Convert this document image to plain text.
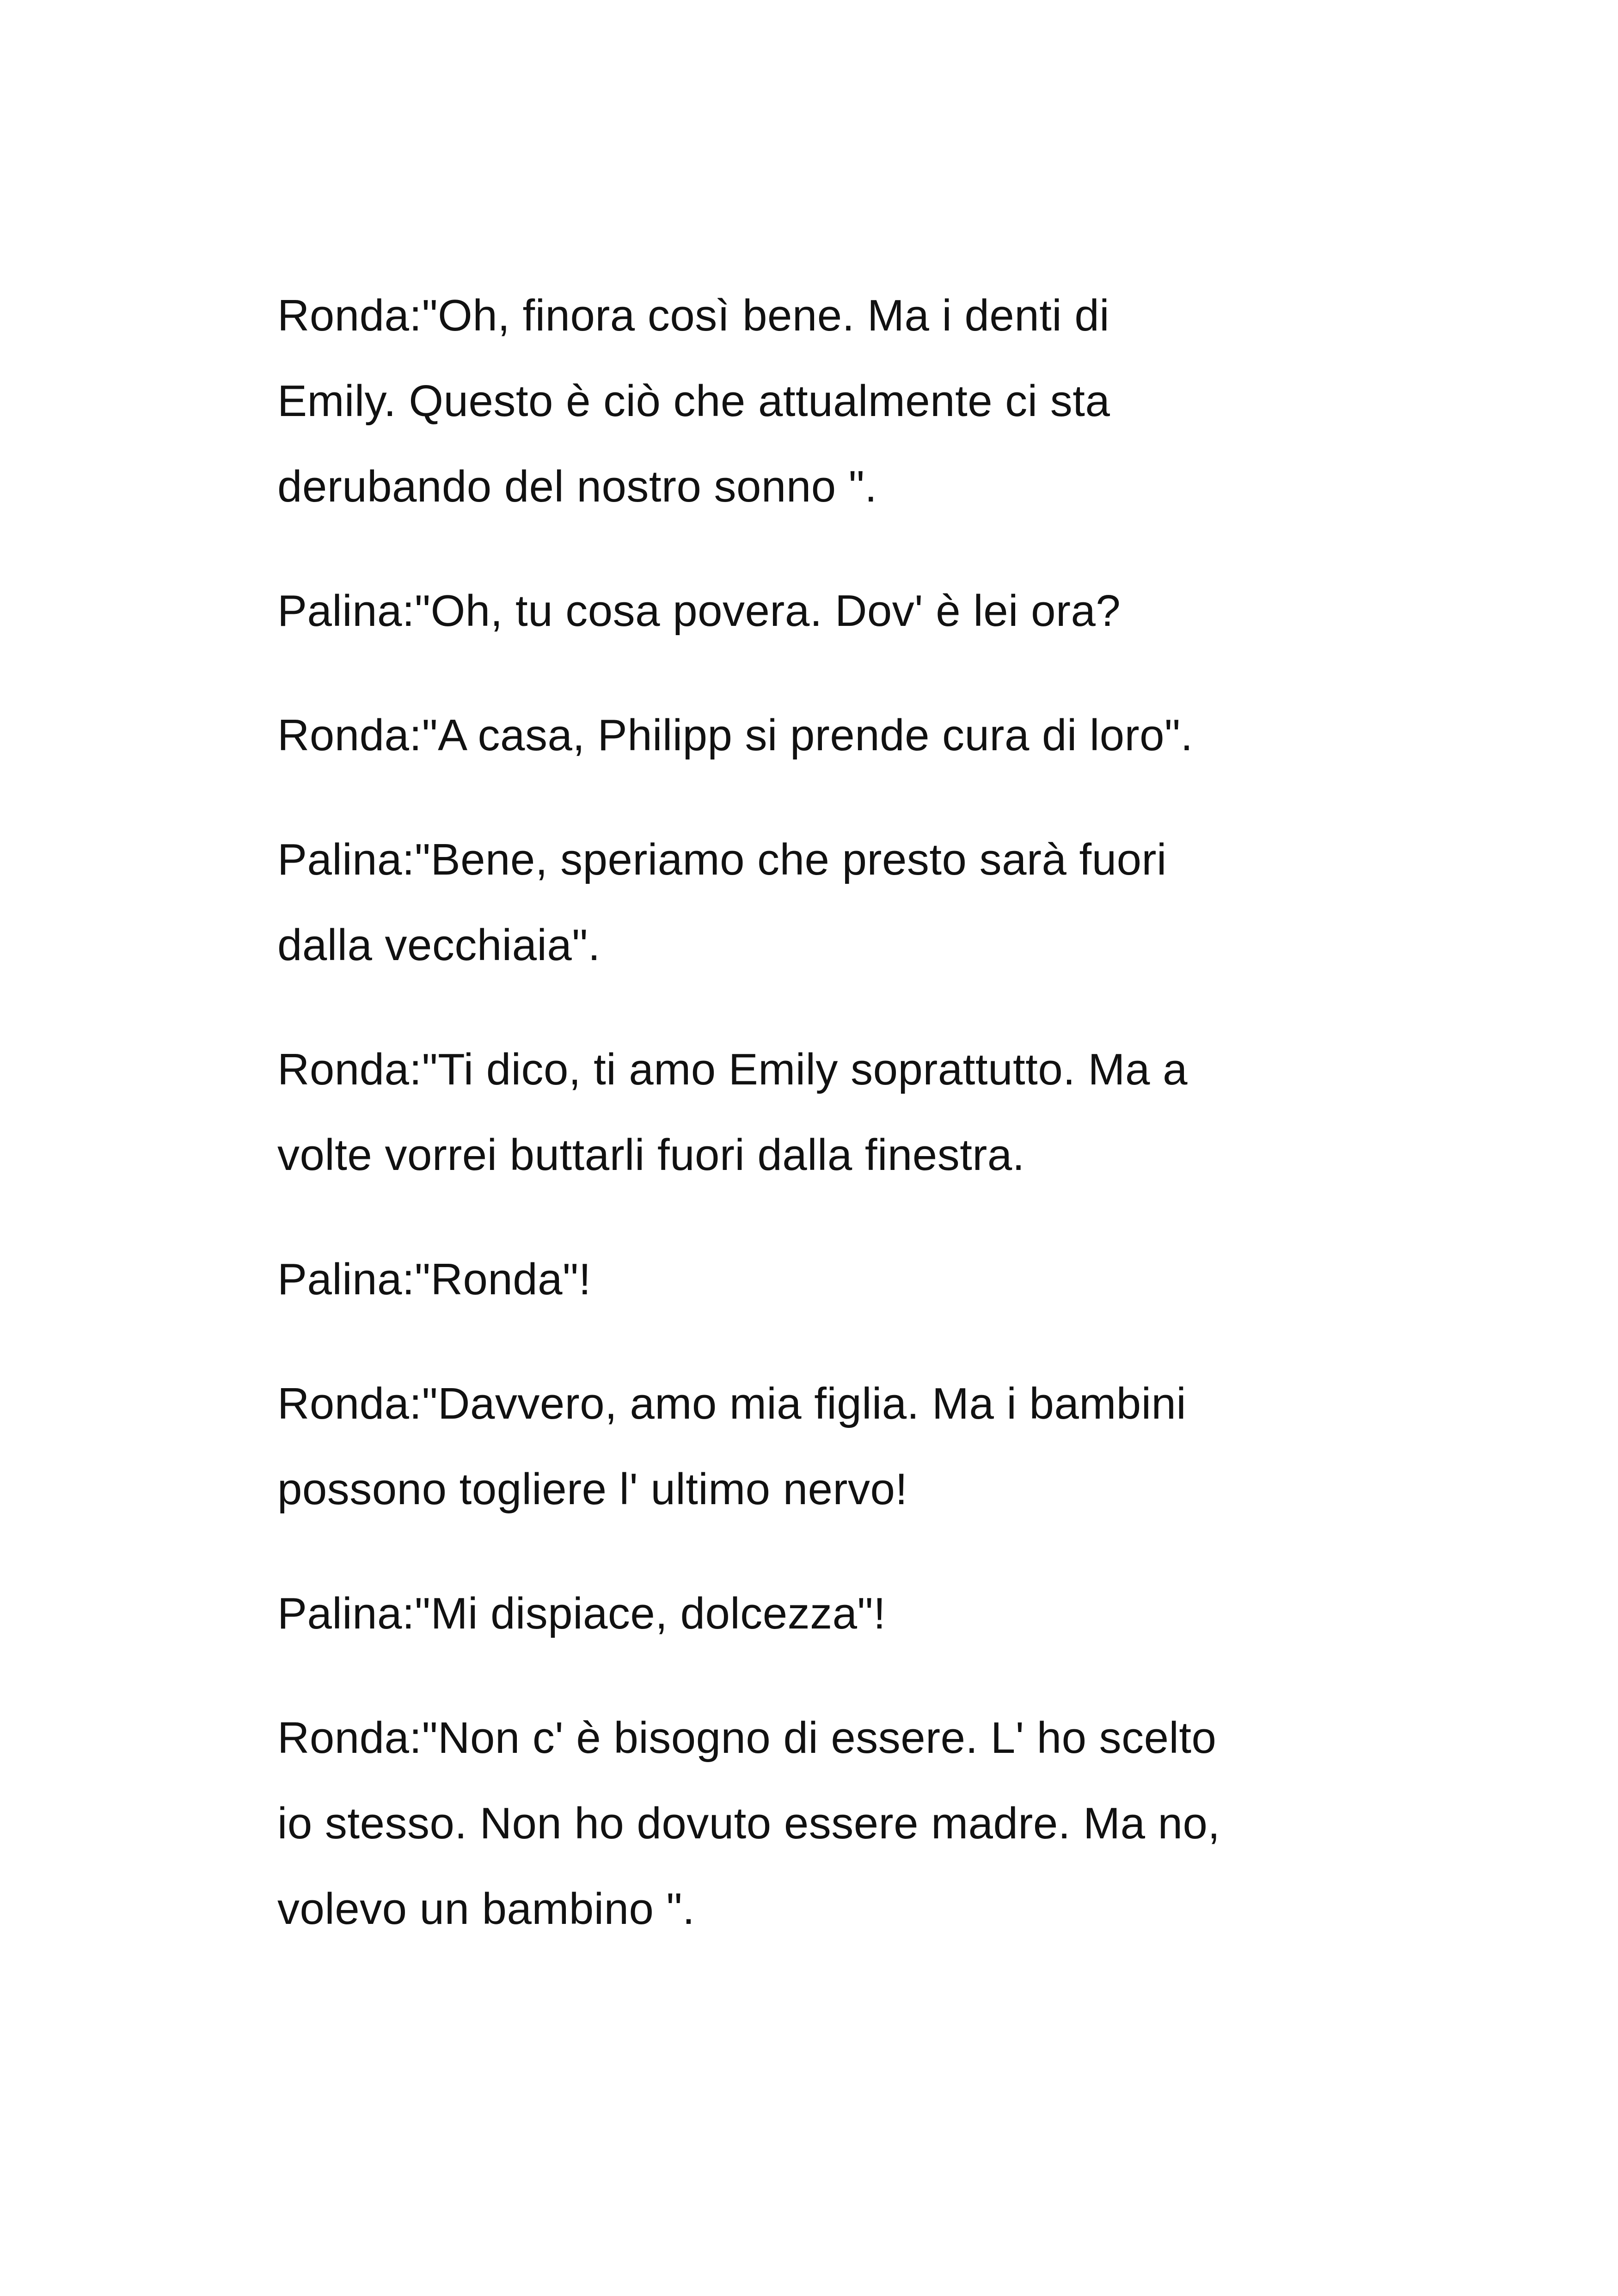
Ronda:"Oh, finora così bene. Ma i denti di
Emily. Questo è ciò che attualmente ci sta
derubando del nostro sonno ".

Palina:"Oh, tu cosa povera. Dov' è lei ora?

Ronda:"A casa, Philipp si prende cura di loro".

Palina:"Bene, speriamo che presto sarà fuori
dalla vecchiaia".

Ronda:"Ti dico, ti amo Emily soprattutto. Ma a
volte vorrei buttarli fuori dalla finestra.

Palina:"Ronda"!

Ronda:"Davvero, amo mia figlia. Ma i bambini
possono togliere l' ultimo nervo!

Palina:"Mi dispiace, dolcezza"!

Ronda:"Non c' è bisogno di essere. L' ho scelto
io stesso. Non ho dovuto essere madre. Ma no,
volevo un bambino ".
